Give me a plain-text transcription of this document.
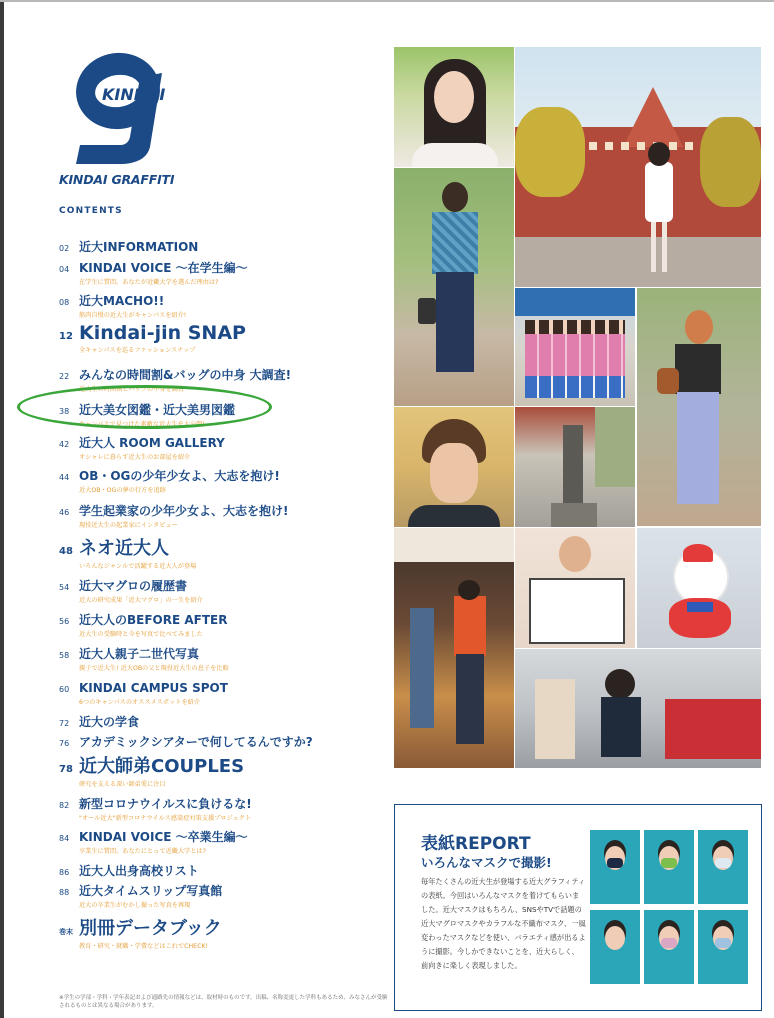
KINDAI
KINDAI GRAFFITI
CONTENTS
02 近大INFORMATION
04 KINDAI VOICE ～在学生編～
在学生に質問。あなたが近畿大学を選んだ理由は?
08 近大MACHO!!
筋肉自慢の近大生がキャンパスを紹介!
12 Kindai-jin SNAP
全キャンパスを巡るファッションスナップ
22 みんなの時間割&バッグの中身 大調査!
近大生の時間割とバッグの中身を調査
38 近大美女図鑑・近大美男図鑑
キャンパスで見つけた素敵な近大生を大公開!
42 近大人 ROOM GALLERY
オシャレに暮らす近大生のお部屋を紹介
44 OB・OGの少年少女よ、大志を抱け!
近大OB・OGの夢の行方を追跡
46 学生起業家の少年少女よ、大志を抱け!
現役近大生の起業家にインタビュー
48 ネオ近大人
いろんなジャンルで活躍する近大人が登場
54 近大マグロの履歴書
近大の研究成果「近大マグロ」の一生を紹介
56 近大人のBEFORE AFTER
近大生の受験時と今を写真で比べてみました
58 近大人親子二世代写真
親子で近大生! 近大OBの父と現役近大生の息子を比較
60 KINDAI CAMPUS SPOT
6つのキャンパスのオススメスポットを紹介
72 近大の学食
76 アカデミックシアターで何してるんですか?
78 近大師弟COUPLES
研究を支える深い師弟愛に注目
82 新型コロナウイルスに負けるな!
"オール近大"新型コロナウイルス感染症対策支援プロジェクト
84 KINDAI VOICE ～卒業生編～
卒業生に質問。あなたにとって近畿大学とは?
86 近大人出身高校リスト
88 近大タイムスリップ写真館
近大の卒業生がむかし撮った写真を再現
巻末 別冊データブック
教育・研究・就職・学費などはこれでCHECK!
表紙REPORT
いろんなマスクで撮影!
毎年たくさんの近大生が登場する近大グラフィティの表紙。今回はいろんなマスクを着けてもらいました。近大マスクはもちろん、SNSやTVで話題の近大マグロマスクやカラフルな不織布マスク、一風変わったマスクなどを使い、バラエティ感が出るように撮影。今しかできないことを、近大らしく、前向きに楽しく表現しました。
※学生の学部・学科・学年表記および通路先の情報などは、取材時のものです。出稿、名称変更した学科もあるため、みなさんが受験されるものとは異なる場合があります。
